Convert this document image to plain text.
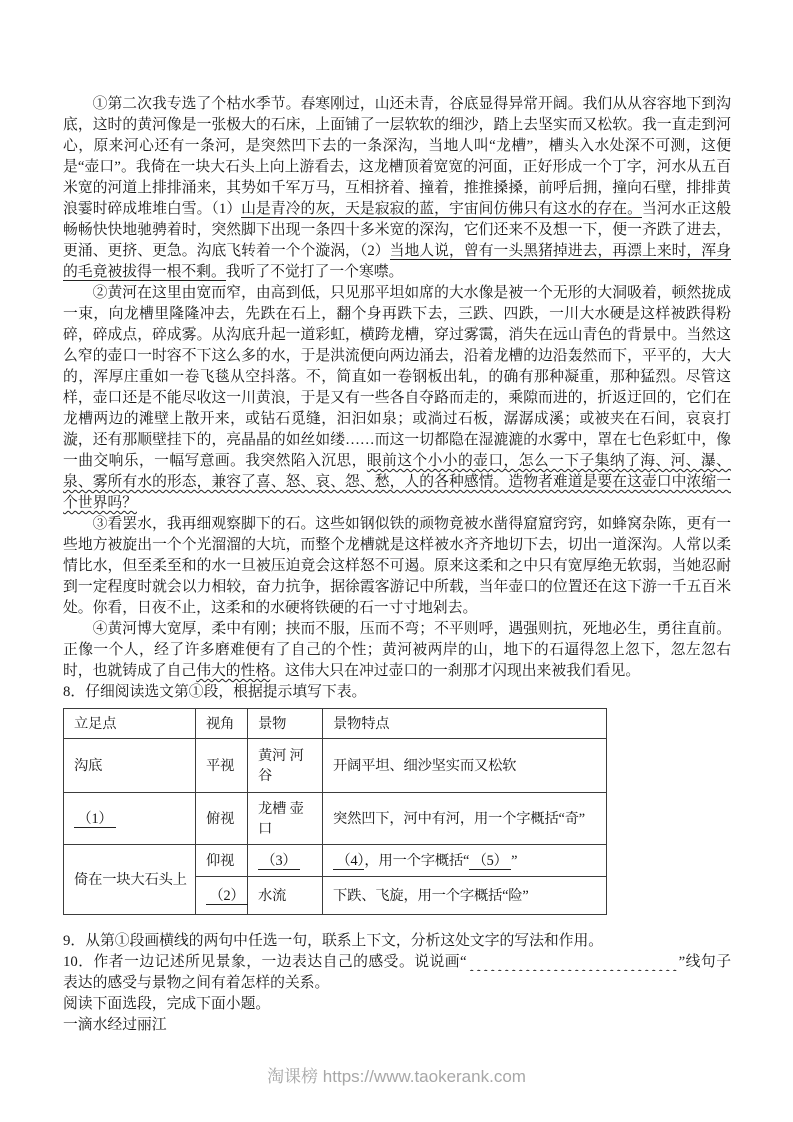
①第二次我专选了个枯水季节。春寒刚过，山还未青，谷底显得异常开阔。我们从从容容地下到沟底，这时的黄河像是一张极大的石床，上面铺了一层软软的细沙，踏上去坚实而又松软。我一直走到河心，原来河心还有一条河，是突然凹下去的一条深沟，当地人叫“龙槽”，槽头入水处深不可测，这便是“壶口”。我倚在一块大石头上向上游看去，这龙槽顶着宽宽的河面，正好形成一个丁字，河水从五百米宽的河道上排排涌来，其势如千军万马，互相挤着、撞着，推推搡搡，前呼后拥，撞向石壁，排排黄浪霎时碎成堆堆白雪。（1）山是青冷的灰，天是寂寂的蓝，宇宙间仿佛只有这水的存在。当河水正这般畅畅快快地驰骋着时，突然脚下出现一条四十多米宽的深沟，它们还来不及想一下，便一齐跌了进去，更涌、更挤、更急。沟底飞转着一个个漩涡，（2）当地人说，曾有一头黑猪掉进去，再漂上来时，浑身的毛竟被拔得一根不剩。我听了不觉打了一个寒噤。

②黄河在这里由宽而窄，由高到低，只见那平坦如席的大水像是被一个无形的大洞吸着，顿然拢成一束，向龙槽里隆隆冲去，先跌在石上，翻个身再跌下去，三跌、四跌，一川大水硬是这样被跌得粉碎，碎成点，碎成雾。从沟底升起一道彩虹，横跨龙槽，穿过雾霭，消失在远山青色的背景中。当然这么窄的壶口一时容不下这么多的水，于是洪流便向两边涌去，沿着龙槽的边沿轰然而下，平平的，大大的，浑厚庄重如一卷飞毯从空抖落。不，简直如一卷钢板出轧，的确有那种凝重，那种猛烈。尽管这样，壶口还是不能尽收这一川黄浪，于是又有一些各自夺路而走的，乘隙而进的，折返迂回的，它们在龙槽两边的滩壁上散开来，或钻石觅缝，汩汩如泉；或淌过石板，潺潺成溪；或被夹在石间，哀哀打漩，还有那顺壁挂下的，亮晶晶的如丝如缕……而这一切都隐在湿漉漉的水雾中，罩在七色彩虹中，像一曲交响乐，一幅写意画。我突然陷入沉思，眼前这个小小的壶口，怎么一下子集纳了海、河、瀑、泉、雾所有水的形态，兼容了喜、怒、哀、怨、愁，人的各种感情。造物者难道是要在这壶口中浓缩一个世界吗？

③看罢水，我再细观察脚下的石。这些如钢似铁的顽物竟被水凿得窟窟窍窍，如蜂窝杂陈，更有一些地方被旋出一个个光溜溜的大坑，而整个龙槽就是这样被水齐齐地切下去，切出一道深沟。人常以柔情比水，但至柔至和的水一旦被压迫竟会这样怒不可遏。原来这柔和之中只有宽厚绝无软弱，当她忍耐到一定程度时就会以力相较，奋力抗争，据徐霞客游记中所载，当年壶口的位置还在这下游一千五百米处。你看，日夜不止，这柔和的水硬将铁硬的石一寸寸地剁去。

④黄河博大宽厚，柔中有刚；挟而不服，压而不弯；不平则呼，遇强则抗，死地必生，勇往直前。正像一个人，经了许多磨难便有了自己的个性；黄河被两岸的山，地下的石逼得忽上忽下，忽左忽右时，也就铸成了自己伟大的性格。这伟大只在冲过壶口的一刹那才闪现出来被我们看见。

8．仔细阅读选文第①段，根据提示填写下表。

立足点	视角	景物	景物特点
沟底	平视	黄河 河谷	开阔平坦、细沙坚实而又松软
（1）	俯视	龙槽 壶口	突然凹下，河中有河，用一个字概括“奇”
倚在一块大石头上	仰视	（3）	（4），用一个字概括“ （5） ”
	（2）	水流	下跌、飞旋，用一个字概括“险”

9．从第①段画横线的两句中任选一句，联系上下文，分析这处文字的写法和作用。

10．作者一边记述所见景象，一边表达自己的感受。说说画“	”线句子表达的感受与景物之间有着怎样的关系。

阅读下面选段，完成下面小题。

一滴水经过丽江

淘课榜 https://www.taokerank.com
